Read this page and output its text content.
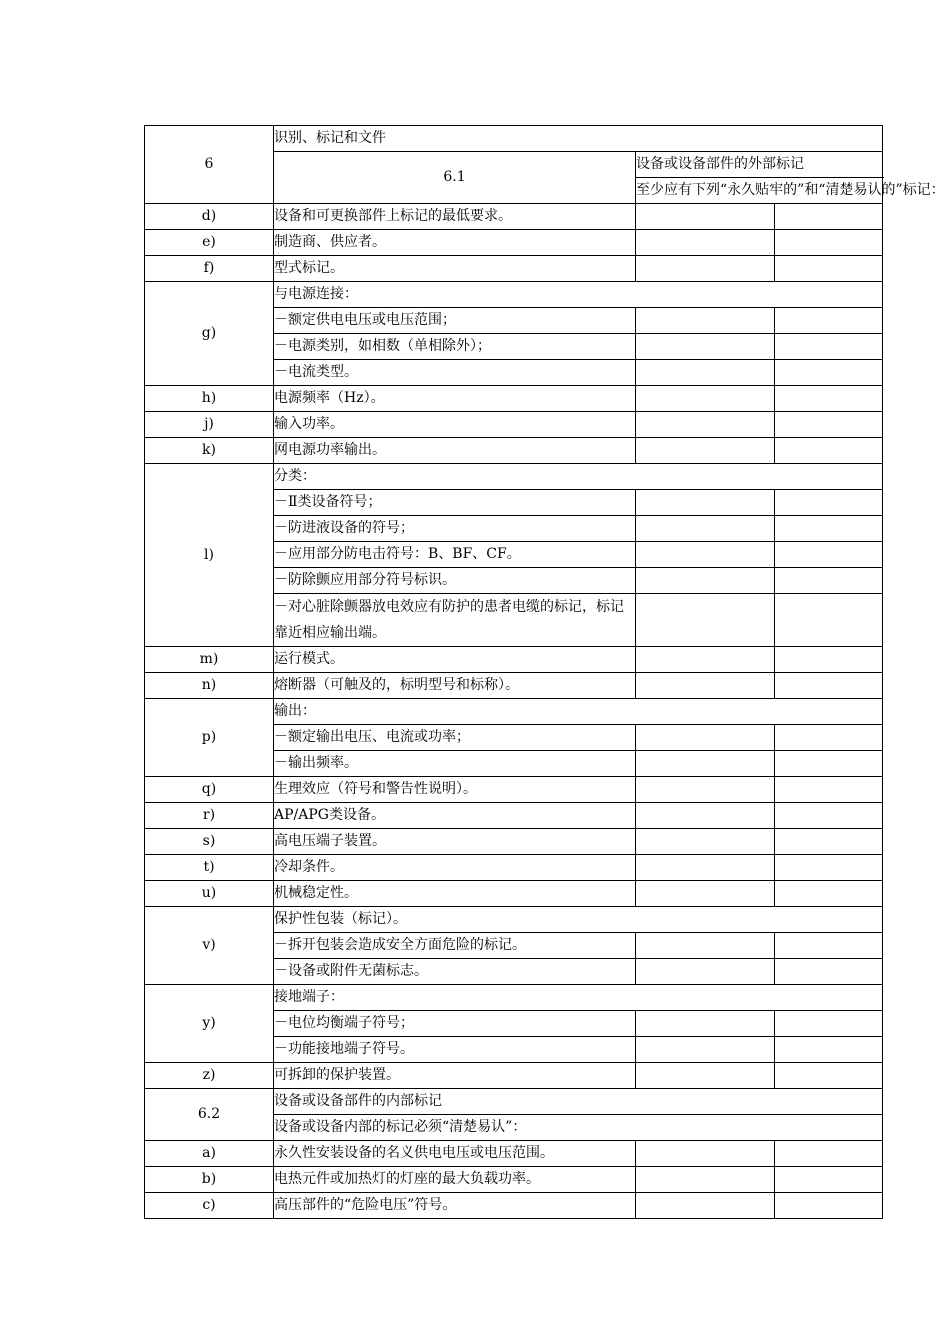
6	识别、标记和文件		
	6.1	设备或设备部件的外部标记	
		至少应有下列“永久贴牢的”和“清楚易认的”标记：	
d)	设备和可更换部件上标记的最低要求。		
e)	制造商、供应者。		
f)	型式标记。		
g)	与电源连接：		
	－额定供电电压或电压范围；		
	－电源类别，如相数（单相除外）；		
	－电流类型。		
h)	电源频率（Hz）。		
j)	输入功率。		
k)	网电源功率输出。		
l)	分类：		
	－Ⅱ类设备符号；		
	－防进液设备的符号；		
	－应用部分防电击符号：B、BF、CF。		
	－防除颤应用部分符号标识。		
	－对心脏除颤器放电效应有防护的患者电缆的标记，标记靠近相应输出端。		
m)	运行模式。		
n)	熔断器（可触及的，标明型号和标称）。		
p)	输出：		
	－额定输出电压、电流或功率；		
	－输出频率。		
q)	生理效应（符号和警告性说明）。		
r)	AP/APG类设备。		
s)	高电压端子装置。		
t)	冷却条件。		
u)	机械稳定性。		
v)	保护性包装（标记）。		
	－拆开包装会造成安全方面危险的标记。		
	－设备或附件无菌标志。		
y)	接地端子：		
	－电位均衡端子符号；		
	－功能接地端子符号。		
z)	可拆卸的保护装置。		
6.2	设备或设备部件的内部标记		
	设备或设备内部的标记必须“清楚易认”：		
a)	永久性安装设备的名义供电电压或电压范围。		
b)	电热元件或加热灯的灯座的最大负载功率。		
c)	高压部件的“危险电压”符号。		
